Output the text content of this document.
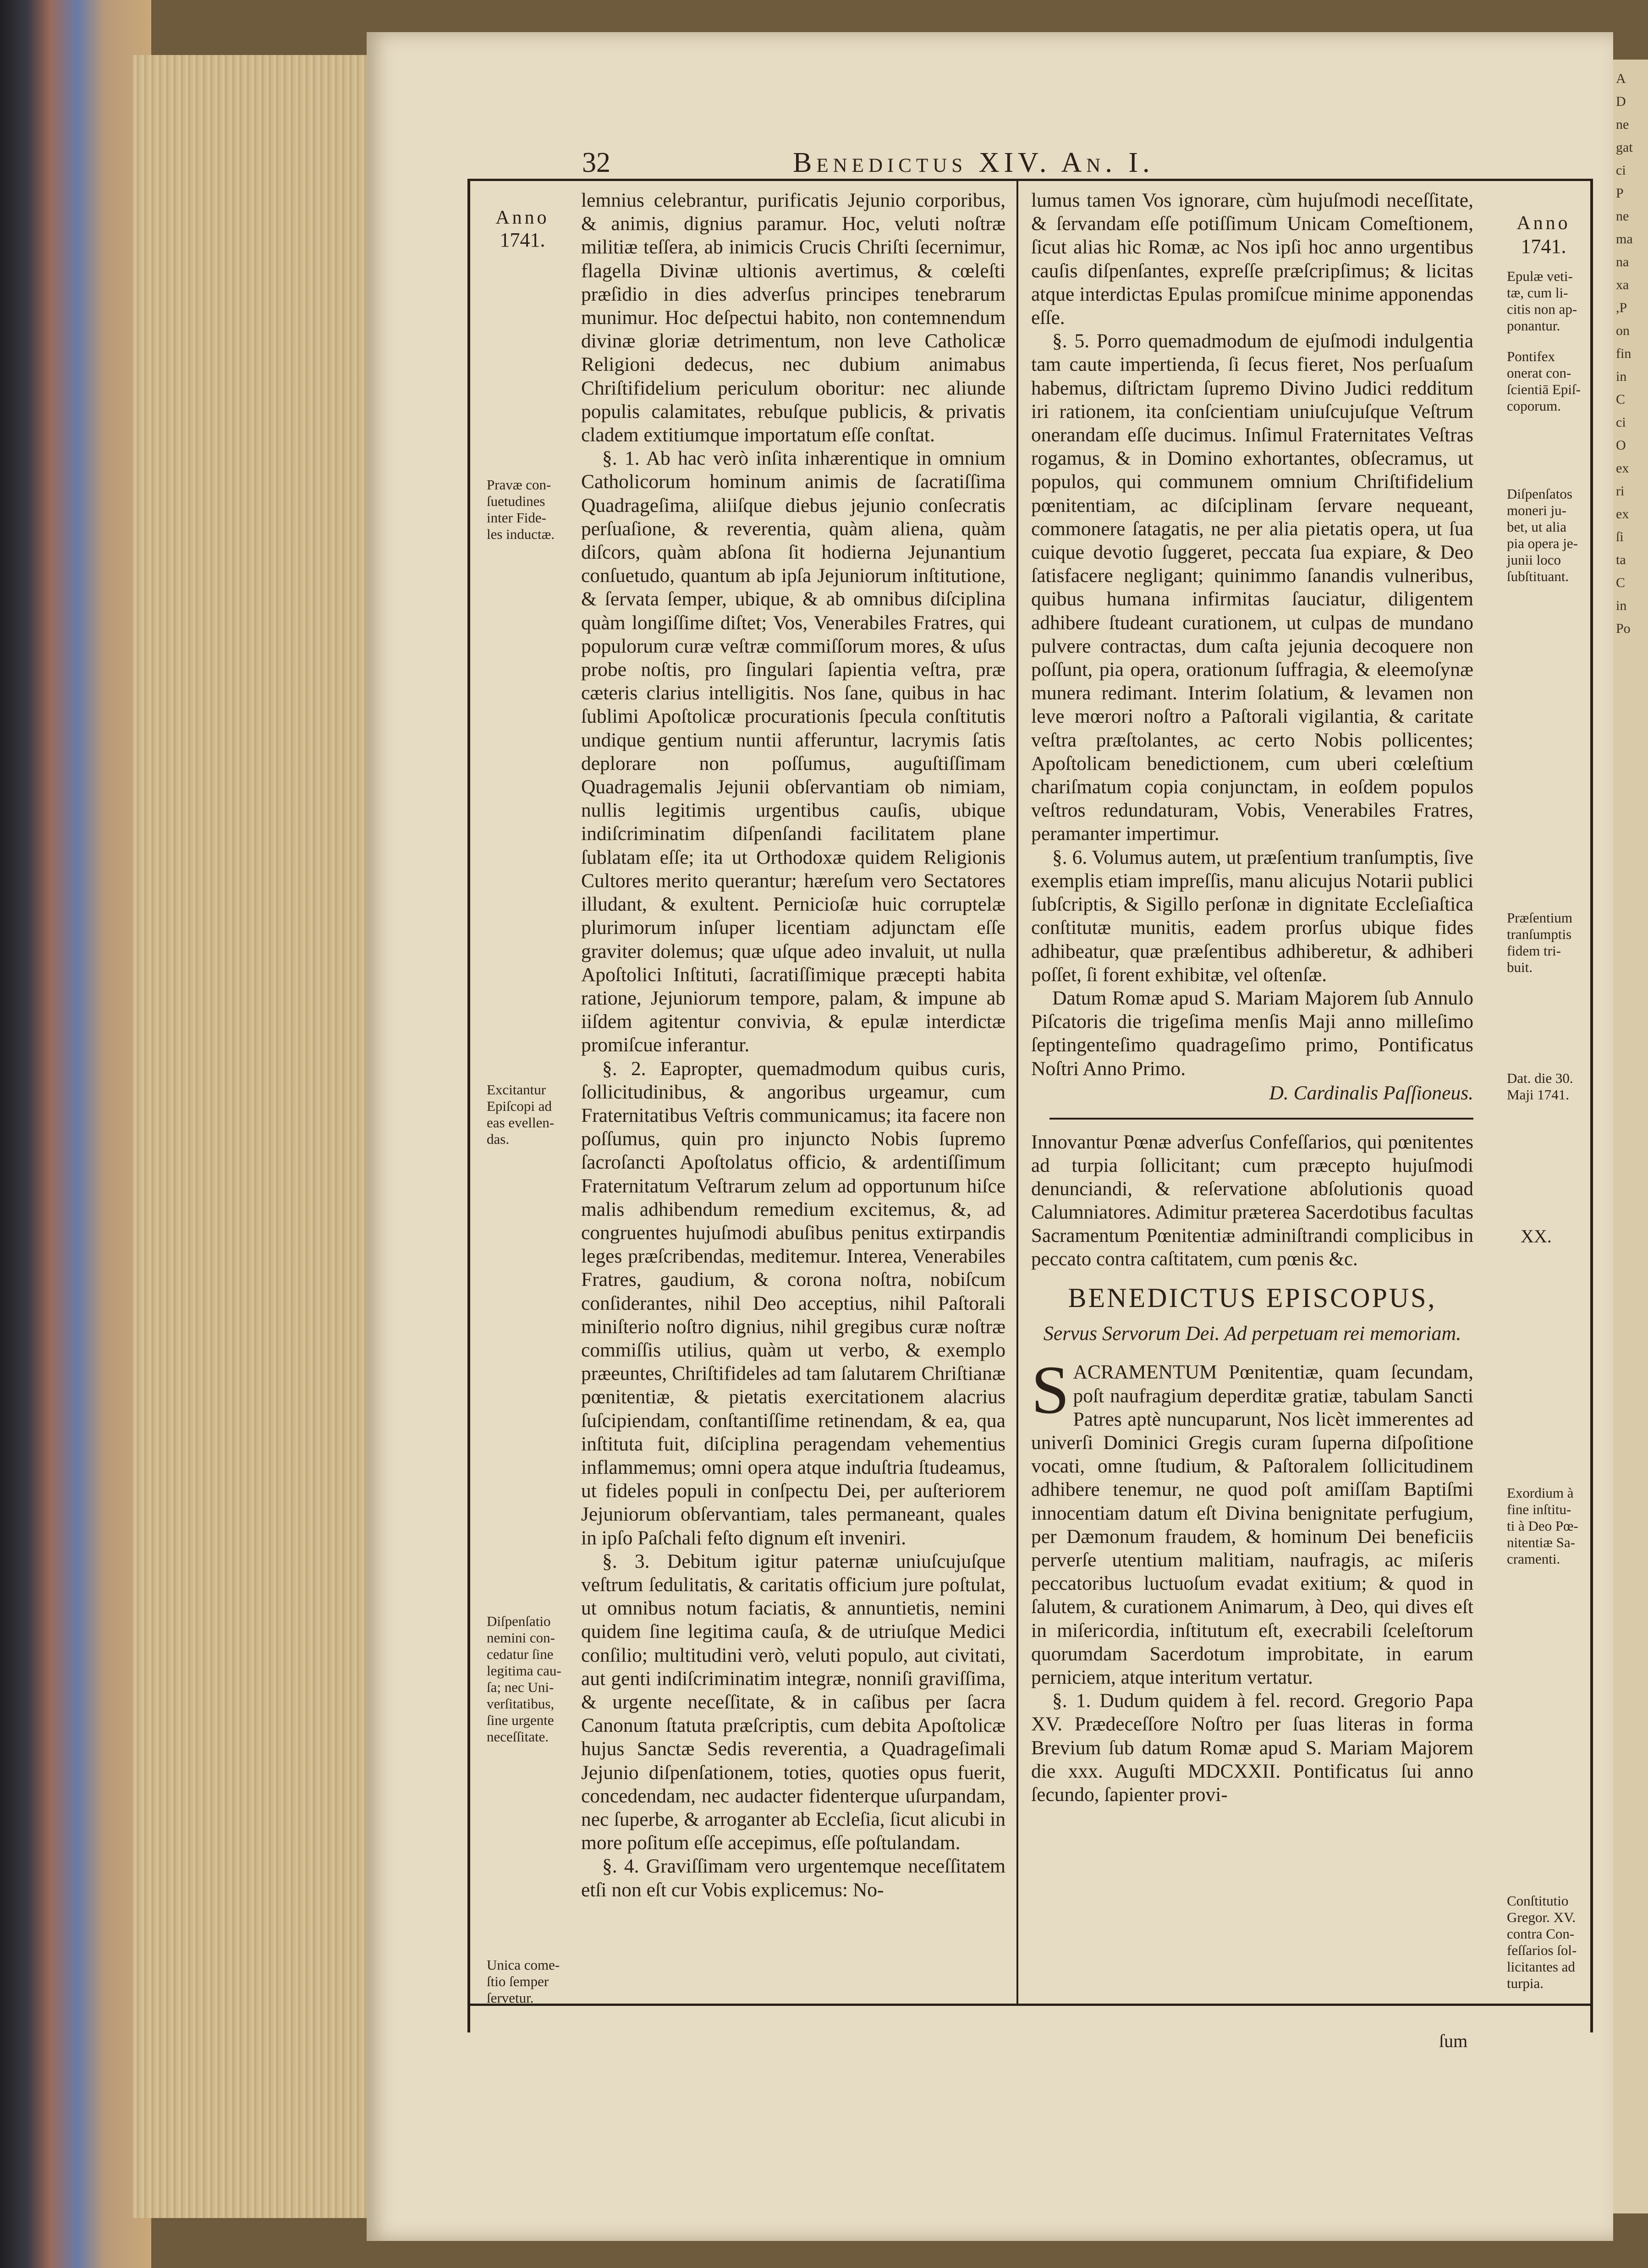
A
D
ne
gat
ci
P
ne
ma
na
xa
,P
on
fin
in
C
ci
O
ex
ri
ex
ſi
ta
C
in
Po
32	Benedictus XIV. An. I.
Anno
1741.
Pravæ con-
ſuetudines
inter Fide-
les inductæ.
Excitantur
Epiſcopi ad
eas evellen-
das.
Diſpenſatio
nemini con-
cedatur ſine
legitima cau-
ſa; nec Uni-
verſitatibus,
ſine urgente
neceſſitate.
Unica come-
ſtio ſemper
ſervetur.
Anno
1741.
Epulæ veti-
tæ, cum li-
citis non ap-
ponantur.
Pontifex
onerat con-
ſcientiā Epiſ-
coporum.
Diſpenſatos
moneri ju-
bet, ut alia
pia opera je-
junii loco
ſubſtituant.
Præſentium
tranſumptis
fidem tri-
buit.
Dat. die 30.
Maji 1741.
XX.
Exordium à
fine inſtitu-
ti à Deo Pœ-
nitentiæ Sa-
cramenti.
Conſtitutio
Gregor. XV.
contra Con-
feſſarios ſol-
licitantes ad
turpia.

lemnius celebrantur, purificatis Jejunio corporibus, & animis, dignius paramur. Hoc, veluti noſtræ militiæ teſſera, ab inimicis Crucis Chriſti ſecernimur, flagella Divinæ ultionis avertimus, & cœleſti præſidio in dies adverſus principes tenebrarum munimur. Hoc deſpectui habito, non contemnendum divinæ gloriæ detrimentum, non leve Catholicæ Religioni dedecus, nec dubium animabus Chriſtifidelium periculum oboritur: nec aliunde populis calamitates, rebuſque publicis, & privatis cladem extitiumque importatum eſſe conſtat.

§. 1. Ab hac verò inſita inhærentique in omnium Catholicorum hominum animis de ſacratiſſima Quadrageſima, aliiſque diebus jejunio conſecratis perſuaſione, & reverentia, quàm aliena, quàm diſcors, quàm abſona ſit hodierna Jejunantium conſuetudo, quantum ab ipſa Jejuniorum inſtitutione, & ſervata ſemper, ubique, & ab omnibus diſciplina quàm longiſſime diſtet; Vos, Venerabiles Fratres, qui populorum curæ veſtræ commiſſorum mores, & uſus probe noſtis, pro ſingulari ſapientia veſtra, præ cæteris clarius intelligitis. Nos ſane, quibus in hac ſublimi Apoſtolicæ procurationis ſpecula conſtitutis undique gentium nuntii afferuntur, lacrymis ſatis deplorare non poſſumus, auguſtiſſimam Quadragemalis Jejunii obſervantiam ob nimiam, nullis legitimis urgentibus cauſis, ubique indiſcriminatim diſpenſandi facilitatem plane ſublatam eſſe; ita ut Orthodoxæ quidem Religionis Cultores merito querantur; hæreſum vero Sectatores illudant, & exultent. Pernicioſæ huic corruptelæ plurimorum inſuper licentiam adjunctam eſſe graviter dolemus; quæ uſque adeo invaluit, ut nulla Apoſtolici Inſtituti, ſacratiſſimique præcepti habita ratione, Jejuniorum tempore, palam, & impune ab iiſdem agitentur convivia, & epulæ interdictæ promiſcue inferantur.

§. 2. Eapropter, quemadmodum quibus curis, ſollicitudinibus, & angoribus urgeamur, cum Fraternitatibus Veſtris communicamus; ita facere non poſſumus, quin pro injuncto Nobis ſupremo ſacroſancti Apoſtolatus officio, & ardentiſſimum Fraternitatum Veſtrarum zelum ad opportunum hiſce malis adhibendum remedium excitemus, &, ad congruentes hujuſmodi abuſibus penitus extirpandis leges præſcribendas, meditemur. Interea, Venerabiles Fratres, gaudium, & corona noſtra, nobiſcum conſiderantes, nihil Deo acceptius, nihil Paſtorali miniſterio noſtro dignius, nihil gregibus curæ noſtræ commiſſis utilius, quàm ut verbo, & exemplo præeuntes, Chriſtifideles ad tam ſalutarem Chriſtianæ pœnitentiæ, & pietatis exercitationem alacrius ſuſcipiendam, conſtantiſſime retinendam, & ea, qua inſtituta fuit, diſciplina peragendam vehementius inflammemus; omni opera atque induſtria ſtudeamus, ut fideles populi in conſpectu Dei, per auſteriorem Jejuniorum obſervantiam, tales permaneant, quales in ipſo Paſchali feſto dignum eſt inveniri.

§. 3. Debitum igitur paternæ uniuſcujuſque veſtrum ſedulitatis, & caritatis officium jure poſtulat, ut omnibus notum faciatis, & annuntietis, nemini quidem ſine legitima cauſa, & de utriuſque Medici conſilio; multitudini verò, veluti populo, aut civitati, aut genti indiſcriminatim integræ, nonniſi graviſſima, & urgente neceſſitate, & in caſibus per ſacra Canonum ſtatuta præſcriptis, cum debita Apoſtolicæ hujus Sanctæ Sedis reverentia, a Quadrageſimali Jejunio diſpenſationem, toties, quoties opus fuerit, concedendam, nec audacter fidenterque uſurpandam, nec ſuperbe, & arroganter ab Eccleſia, ſicut alicubi in more poſitum eſſe accepimus, eſſe poſtulandam.

§. 4. Graviſſimam vero urgentemque neceſſitatem etſi non eſt cur Vobis explicemus: No-

lumus tamen Vos ignorare, cùm hujuſmodi neceſſitate, & ſervandam eſſe potiſſimum Unicam Comeſtionem, ſicut alias hic Romæ, ac Nos ipſi hoc anno urgentibus cauſis diſpenſantes, expreſſe præſcripſimus; & licitas atque interdictas Epulas promiſcue minime apponendas eſſe.

§. 5. Porro quemadmodum de ejuſmodi indulgentia tam caute impertienda, ſi ſecus fieret, Nos perſuaſum habemus, diſtrictam ſupremo Divino Judici redditum iri rationem, ita conſcientiam uniuſcujuſque Veſtrum onerandam eſſe ducimus. Inſimul Fraternitates Veſtras rogamus, & in Domino exhortantes, obſecramus, ut populos, qui communem omnium Chriſtifidelium pœnitentiam, ac diſciplinam ſervare nequeant, commonere ſatagatis, ne per alia pietatis opera, ut ſua cuique devotio ſuggeret, peccata ſua expiare, & Deo ſatisfacere negligant; quinimmo ſanandis vulneribus, quibus humana infirmitas ſauciatur, diligentem adhibere ſtudeant curationem, ut culpas de mundano pulvere contractas, dum caſta jejunia decoquere non poſſunt, pia opera, orationum ſuffragia, & eleemoſynæ munera redimant. Interim ſolatium, & levamen non leve mœrori noſtro a Paſtorali vigilantia, & caritate veſtra præſtolantes, ac certo Nobis pollicentes; Apoſtolicam benedictionem, cum uberi cœleſtium chariſmatum copia conjunctam, in eoſdem populos veſtros redundaturam, Vobis, Venerabiles Fratres, peramanter impertimur.

§. 6. Volumus autem, ut præſentium tranſumptis, ſive exemplis etiam impreſſis, manu alicujus Notarii publici ſubſcriptis, & Sigillo perſonæ in dignitate Eccleſiaſtica conſtitutæ munitis, eadem prorſus ubique fides adhibeatur, quæ præſentibus adhiberetur, & adhiberi poſſet, ſi forent exhibitæ, vel oſtenſæ.

Datum Romæ apud S. Mariam Majorem ſub Annulo Piſcatoris die trigeſima menſis Maji anno milleſimo ſeptingenteſimo quadrageſimo primo, Pontificatus Noſtri Anno Primo.

D. Cardinalis Paſſioneus.

Innovantur Pœnæ adverſus Confeſſarios, qui pœnitentes ad turpia ſollicitant; cum præcepto hujuſmodi denunciandi, & reſervatione abſolutionis quoad Calumniatores. Adimitur præterea Sacerdotibus facultas Sacramentum Pœnitentiæ adminiſtrandi complicibus in peccato contra caſtitatem, cum pœnis &c.

BENEDICTUS EPISCOPUS,

Servus Servorum Dei. Ad perpetuam rei memoriam.

SACRAMENTUM Pœnitentiæ, quam ſecundam, poſt naufragium deperditæ gratiæ, tabulam Sancti Patres aptè nuncuparunt, Nos licèt immerentes ad univerſi Dominici Gregis curam ſuperna diſpoſitione vocati, omne ſtudium, & Paſtoralem ſollicitudinem adhibere tenemur, ne quod poſt amiſſam Baptiſmi innocentiam datum eſt Divina benignitate perfugium, per Dæmonum fraudem, & hominum Dei beneficiis perverſe utentium malitiam, naufragis, ac miſeris peccatoribus luctuoſum evadat exitium; & quod in ſalutem, & curationem Animarum, à Deo, qui dives eſt in miſericordia, inſtitutum eſt, execrabili ſceleſtorum quorumdam Sacerdotum improbitate, in earum perniciem, atque interitum vertatur.

§. 1. Dudum quidem à fel. record. Gregorio Papa XV. Prædeceſſore Noſtro per ſuas literas in forma Brevium ſub datum Romæ apud S. Mariam Majorem die xxx. Auguſti MDCXXII. Pontificatus ſui anno ſecundo, ſapienter provi-

ſum
